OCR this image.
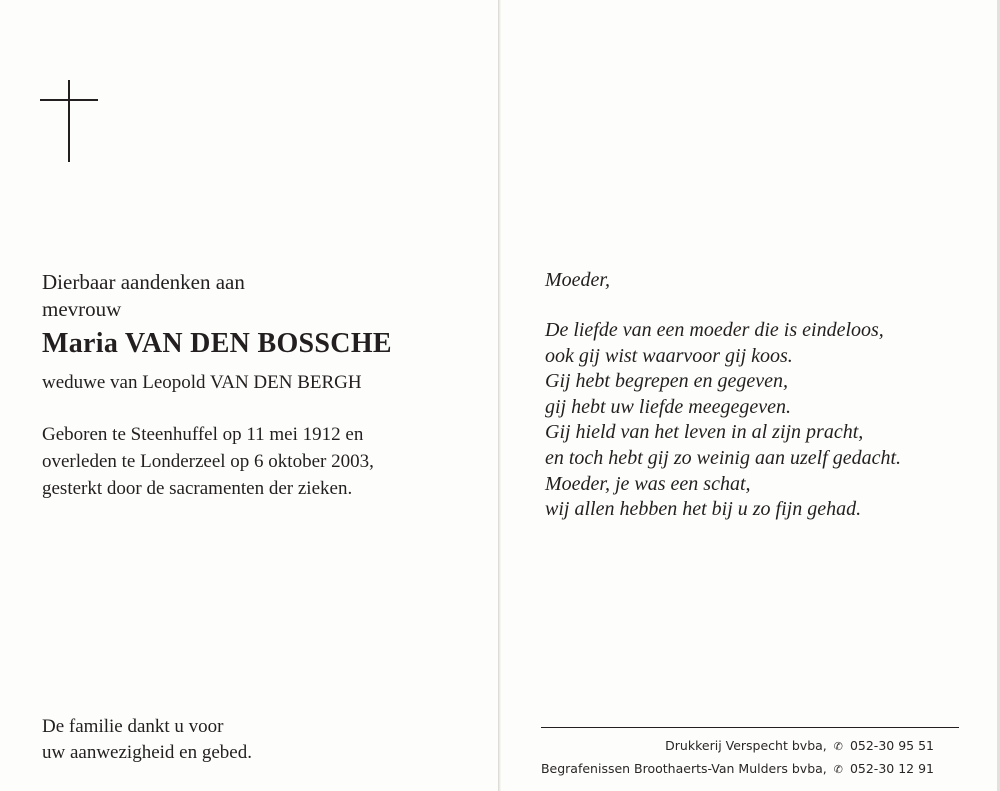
Dierbaar aandenken aan
mevrouw
Maria VAN DEN BOSSCHE
weduwe van Leopold VAN DEN BERGH
Geboren te Steenhuffel op 11 mei 1912 en
overleden te Londerzeel op 6 oktober 2003,
gesterkt door de sacramenten der zieken.
De familie dankt u voor
uw aanwezigheid en gebed.
Moeder,
De liefde van een moeder die is eindeloos,
ook gij wist waarvoor gij koos.
Gij hebt begrepen en gegeven,
gij hebt uw liefde meegegeven.
Gij hield van het leven in al zijn pracht,
en toch hebt gij zo weinig aan uzelf gedacht.
Moeder, je was een schat,
wij allen hebben het bij u zo fijn gehad.
Drukkerij Verspecht bvba, ✆ 052-30 95 51
Begrafenissen Broothaerts-Van Mulders bvba, ✆ 052-30 12 91
